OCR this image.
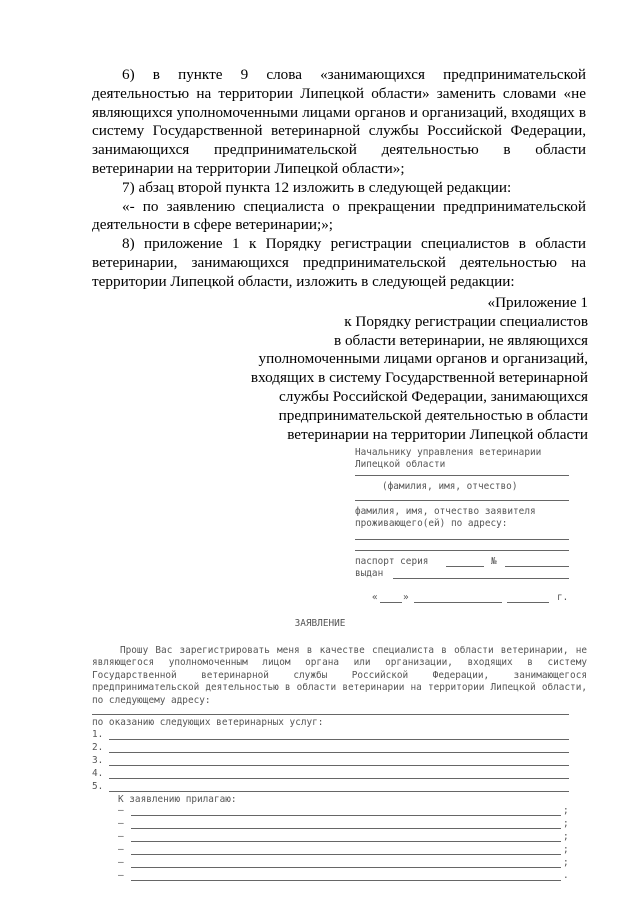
6) в пункте 9 слова «занимающихся предпринимательской деятельностью на территории Липецкой области» заменить словами «не являющихся уполномоченными лицами органов и организаций, входящих в систему Государственной ветеринарной службы Российской Федерации, занимающихся предпринимательской деятельностью в области ветеринарии на территории Липецкой области»;

7) абзац второй пункта 12 изложить в следующей редакции:

«- по заявлению специалиста о прекращении предпринимательской деятельности в сфере ветеринарии;»;

8) приложение 1 к Порядку регистрации специалистов в области ветеринарии, занимающихся предпринимательской деятельностью на территории Липецкой области, изложить в следующей редакции:

«Приложение 1
к Порядку регистрации специалистов
в области ветеринарии, не являющихся
уполномоченными лицами органов и организаций,
входящих в систему Государственной ветеринарной
службы Российской Федерации, занимающихся
предпринимательской деятельностью в области
ветеринарии на территории Липецкой области
Начальнику управления ветеринарии
Липецкой области
(фамилия, имя, отчество)
фамилия, имя, отчество заявителя
проживающего(ей) по адресу:
паспорт серия	№
выдан
«	»	г.
ЗАЯВЛЕНИЕ

Прошу Вас зарегистрировать меня в качестве специалиста в области ветеринарии, не являющегося уполномоченным лицом органа или организации, входящих в систему Государственной ветеринарной службы Российской Федерации, занимающегося предпринимательской деятельностью в области ветеринарии на территории Липецкой области, по следующему адресу:

по оказанию следующих ветеринарных услуг:
1.
2.
3.
4.
5.
К заявлению прилагаю:
–	;
–	;
–	;
–	;
–	;
–	.
